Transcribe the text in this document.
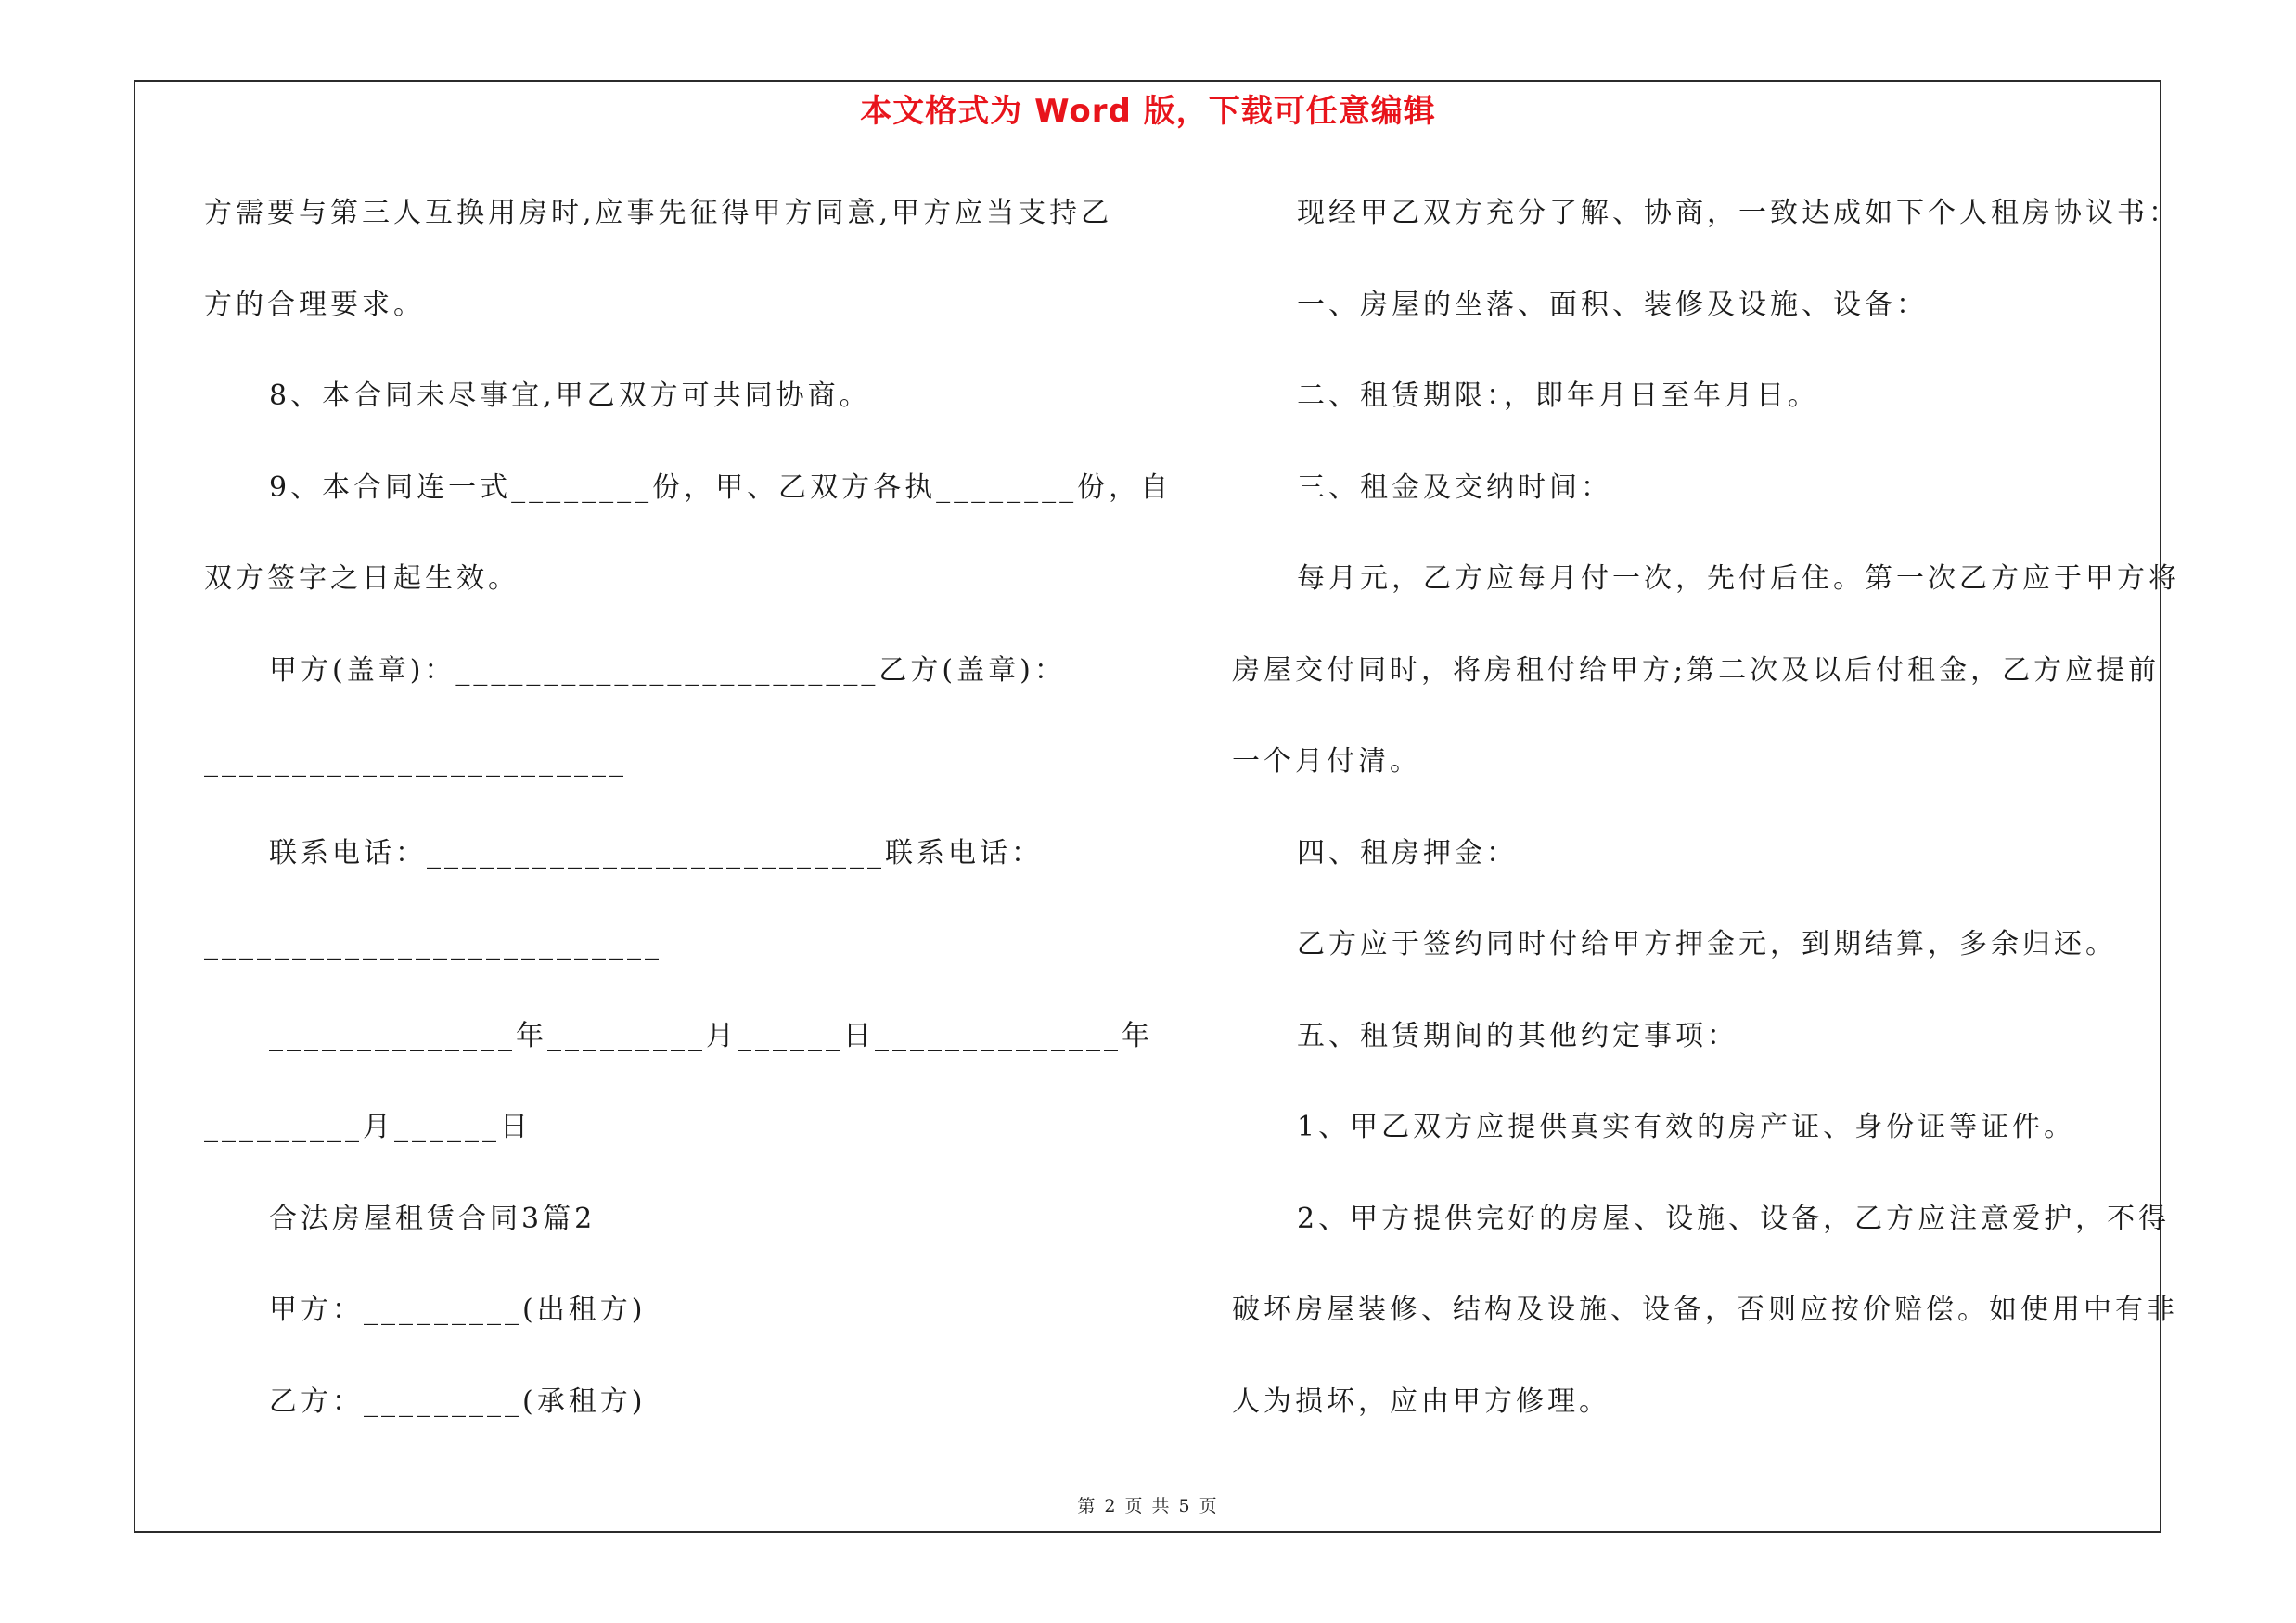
本文格式为 Word 版，下载可任意编辑
方需要与第三人互换用房时,应事先征得甲方同意,甲方应当支持乙
方的合理要求。
8、本合同未尽事宜,甲乙双方可共同协商。
9、本合同连一式________份，甲、乙双方各执________份，自
双方签字之日起生效。
甲方(盖章)：________________________乙方(盖章)：
________________________
联系电话：__________________________联系电话：
__________________________
______________年_________月______日______________年
_________月______日
合法房屋租赁合同3篇2
甲方：_________(出租方)
乙方：_________(承租方)
现经甲乙双方充分了解、协商，一致达成如下个人租房协议书：
一、房屋的坐落、面积、装修及设施、设备：
二、租赁期限：，即年月日至年月日。
三、租金及交纳时间：
每月元，乙方应每月付一次，先付后住。第一次乙方应于甲方将
房屋交付同时，将房租付给甲方;第二次及以后付租金，乙方应提前
一个月付清。
四、租房押金：
乙方应于签约同时付给甲方押金元，到期结算，多余归还。
五、租赁期间的其他约定事项：
1、甲乙双方应提供真实有效的房产证、身份证等证件。
2、甲方提供完好的房屋、设施、设备，乙方应注意爱护，不得
破坏房屋装修、结构及设施、设备，否则应按价赔偿。如使用中有非
人为损坏，应由甲方修理。
第 2 页 共 5 页
